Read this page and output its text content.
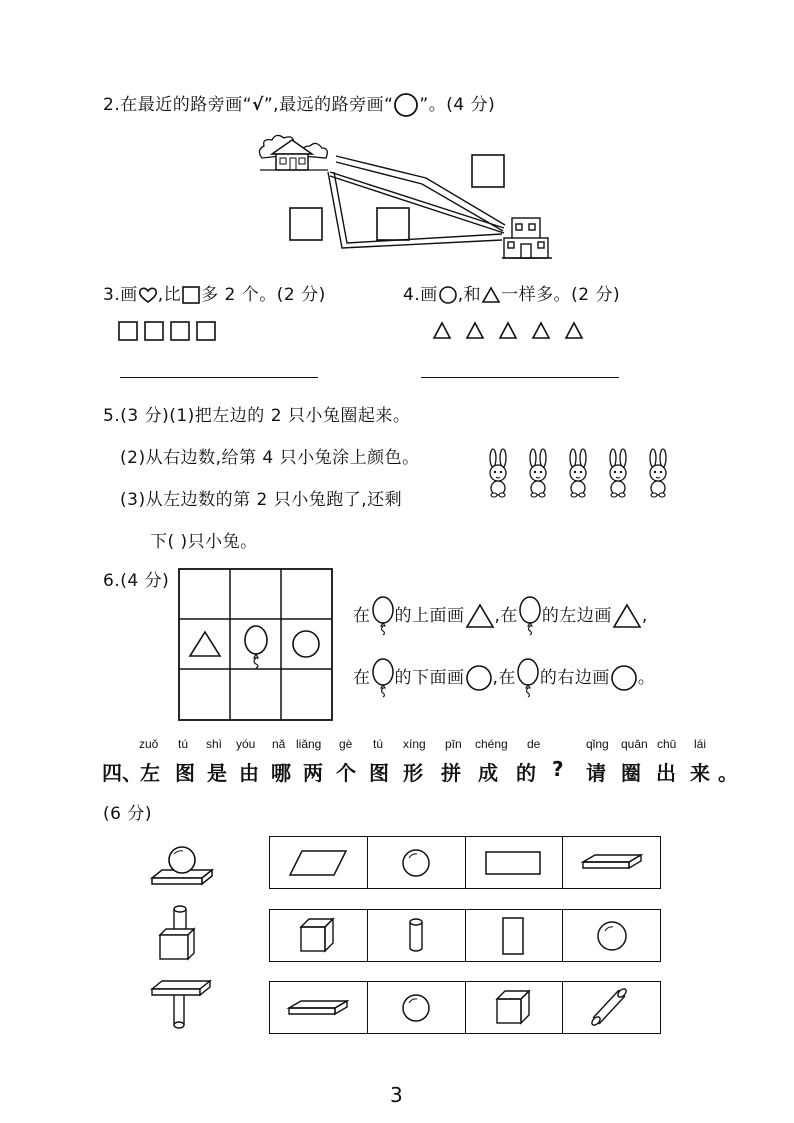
2.在最近的路旁画“√”,最远的路旁画“ ”。(4 分)
3.画 ,比 多 2 个。(2 分)	4.画 ,和 一样多。(2 分)
5.(3 分)(1)把左边的 2 只小兔圈起来。
(2)从右边数,给第 4 只小兔涂上颜色。
(3)从左边数的第 2 只小兔跑了,还剩
下( )只小兔。
6.(4 分)
在 的上面画 ,在 的左边画 ,
在 的下面画 ,在 的右边画 。
zuǒ tú shì yóu nǎ liǎng gè tú xíng pīn chéng de	qǐng quān chū lái
四、
左 图 是 由 哪 两 个 图 形 拼 成 的 ? 请 圈 出 来 。
(6 分)
3
